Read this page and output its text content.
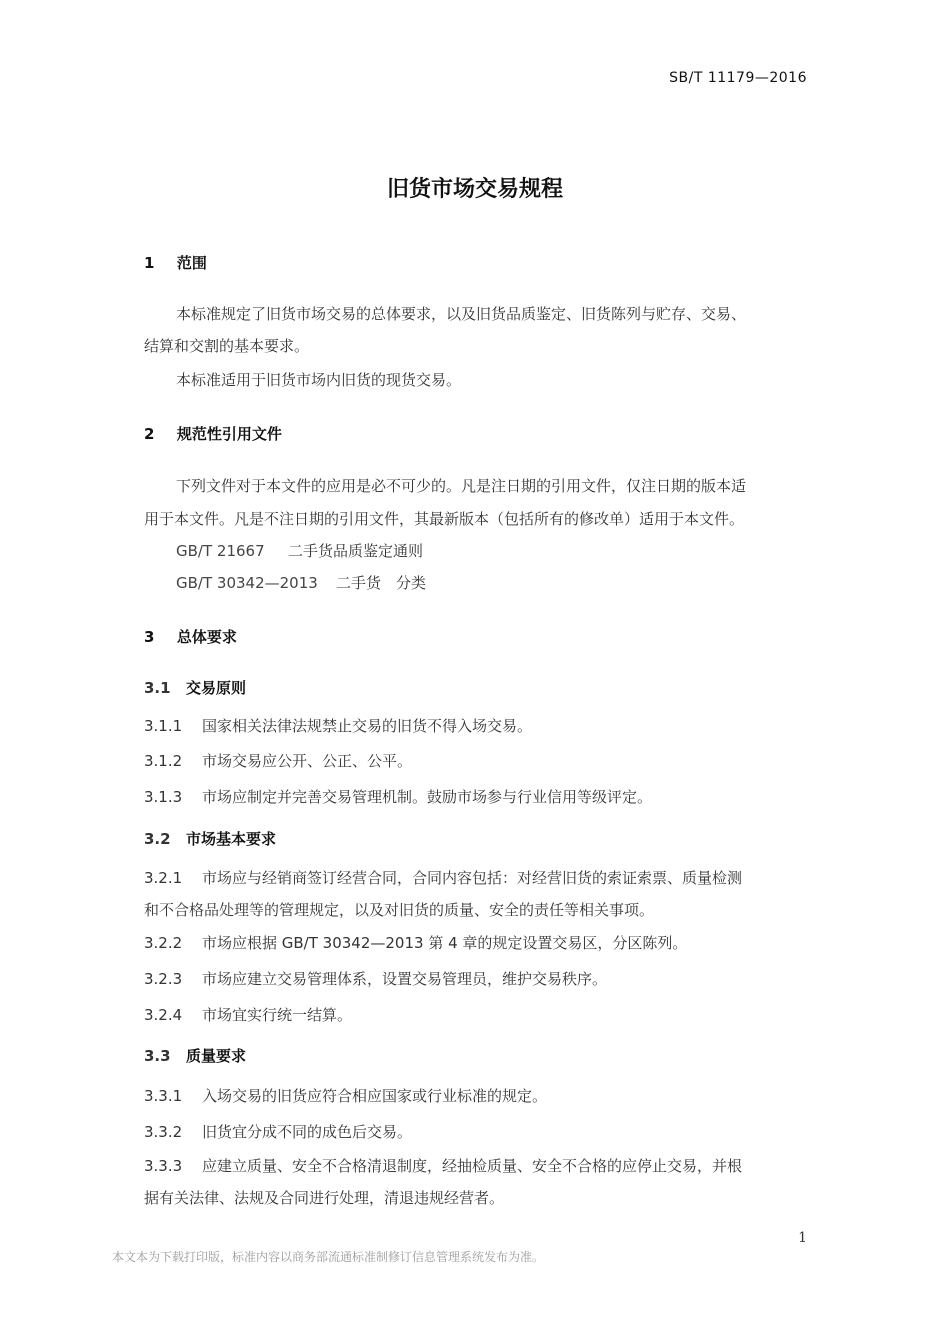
SB/T 11179—2016
旧货市场交易规程
1 范围
本标准规定了旧货市场交易的总体要求，以及旧货品质鉴定、旧货陈列与贮存、交易、
结算和交割的基本要求。
本标准适用于旧货市场内旧货的现货交易。
2 规范性引用文件
下列文件对于本文件的应用是必不可少的。凡是注日期的引用文件，仅注日期的版本适
用于本文件。凡是不注日期的引用文件，其最新版本（包括所有的修改单）适用于本文件。
GB/T 21667 二手货品质鉴定通则
GB/T 30342—2013 二手货　分类
3 总体要求
3.1 交易原则
3.1.1 国家相关法律法规禁止交易的旧货不得入场交易。
3.1.2 市场交易应公开、公正、公平。
3.1.3 市场应制定并完善交易管理机制。鼓励市场参与行业信用等级评定。
3.2 市场基本要求
3.2.1 市场应与经销商签订经营合同，合同内容包括：对经营旧货的索证索票、质量检测
和不合格品处理等的管理规定，以及对旧货的质量、安全的责任等相关事项。
3.2.2 市场应根据 GB/T 30342—2013 第 4 章的规定设置交易区，分区陈列。
3.2.3 市场应建立交易管理体系，设置交易管理员，维护交易秩序。
3.2.4 市场宜实行统一结算。
3.3 质量要求
3.3.1 入场交易的旧货应符合相应国家或行业标准的规定。
3.3.2 旧货宜分成不同的成色后交易。
3.3.3 应建立质量、安全不合格清退制度，经抽检质量、安全不合格的应停止交易，并根
据有关法律、法规及合同进行处理，清退违规经营者。
1
本文本为下载打印版，标准内容以商务部流通标准制修订信息管理系统发布为准。
